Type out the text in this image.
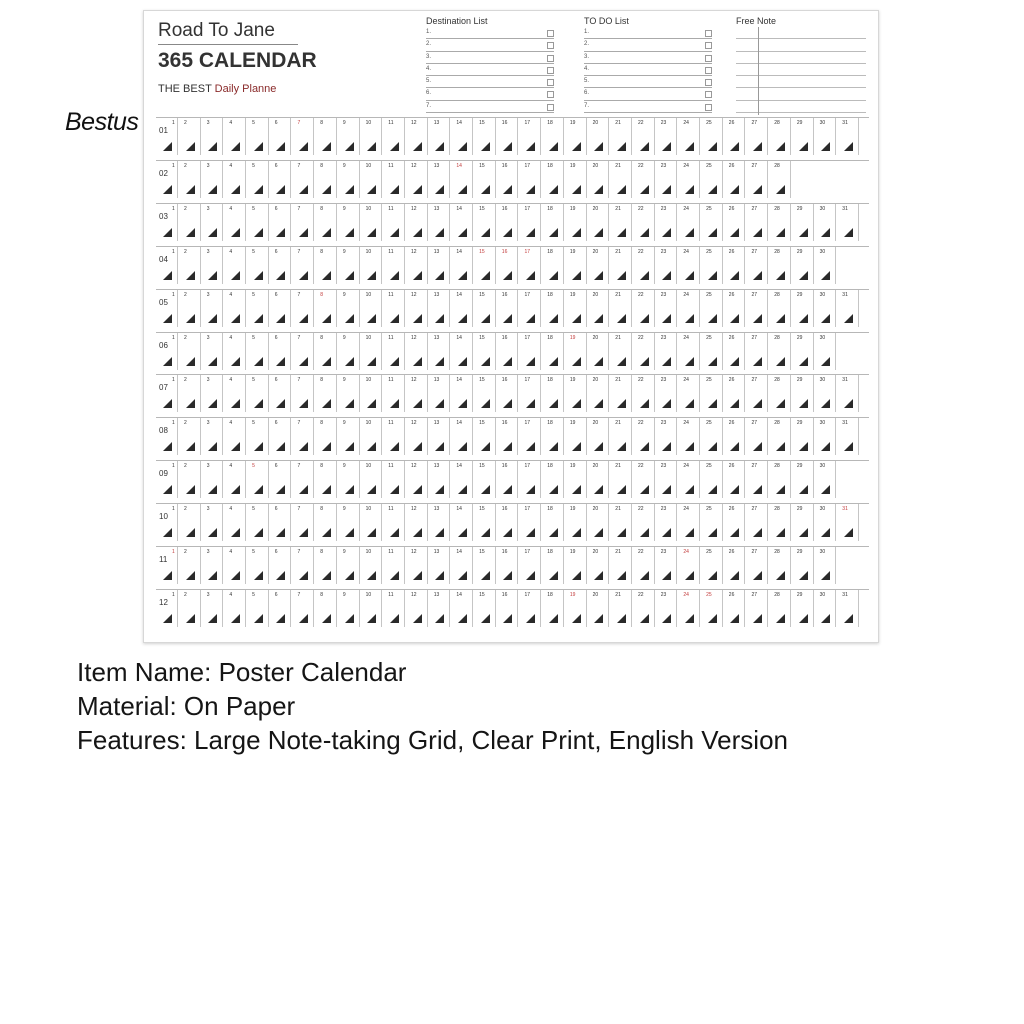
Road To Jane
365 CALENDAR
THE BEST Daily Planne
Destination List
1.
2.
3.
4.
5.
6.
7.
TO DO List
1.
2.
3.
4.
5.
6.
7.
Free Note
01
1 2	3	4	5	6	7	8	9	10	11	12	13	14	15	16	17	18	19	20	21	22	23	24	25	26	27	28	29	30	31
02
1 2	3	4	5	6	7	8	9	10	11	12	13	14	15	16	17	18	19	20	21	22	23	24	25	26	27	28
03
1 2	3	4	5	6	7	8	9	10	11	12	13	14	15	16	17	18	19	20	21	22	23	24	25	26	27	28	29	30	31
04
1 2	3	4	5	6	7	8	9	10	11	12	13	14	15	16	17	18	19	20	21	22	23	24	25	26	27	28	29	30
05
1 2	3	4	5	6	7	8	9	10	11	12	13	14	15	16	17	18	19	20	21	22	23	24	25	26	27	28	29	30	31
06
1 2	3	4	5	6	7	8	9	10	11	12	13	14	15	16	17	18	19	20	21	22	23	24	25	26	27	28	29	30
07
1 2	3	4	5	6	7	8	9	10	11	12	13	14	15	16	17	18	19	20	21	22	23	24	25	26	27	28	29	30	31
08
1 2	3	4	5	6	7	8	9	10	11	12	13	14	15	16	17	18	19	20	21	22	23	24	25	26	27	28	29	30	31
09
1 2	3	4	5	6	7	8	9	10	11	12	13	14	15	16	17	18	19	20	21	22	23	24	25	26	27	28	29	30
10
1 2	3	4	5	6	7	8	9	10	11	12	13	14	15	16	17	18	19	20	21	22	23	24	25	26	27	28	29	30	31
11
1 2	3	4	5	6	7	8	9	10	11	12	13	14	15	16	17	18	19	20	21	22	23	24	25	26	27	28	29	30
12
1 2	3	4	5	6	7	8	9	10	11	12	13	14	15	16	17	18	19	20	21	22	23	24	25	26	27	28	29	30	31
Bestus
Item Name: Poster Calendar
Material: On Paper
Features: Large Note-taking Grid, Clear Print, English Version
